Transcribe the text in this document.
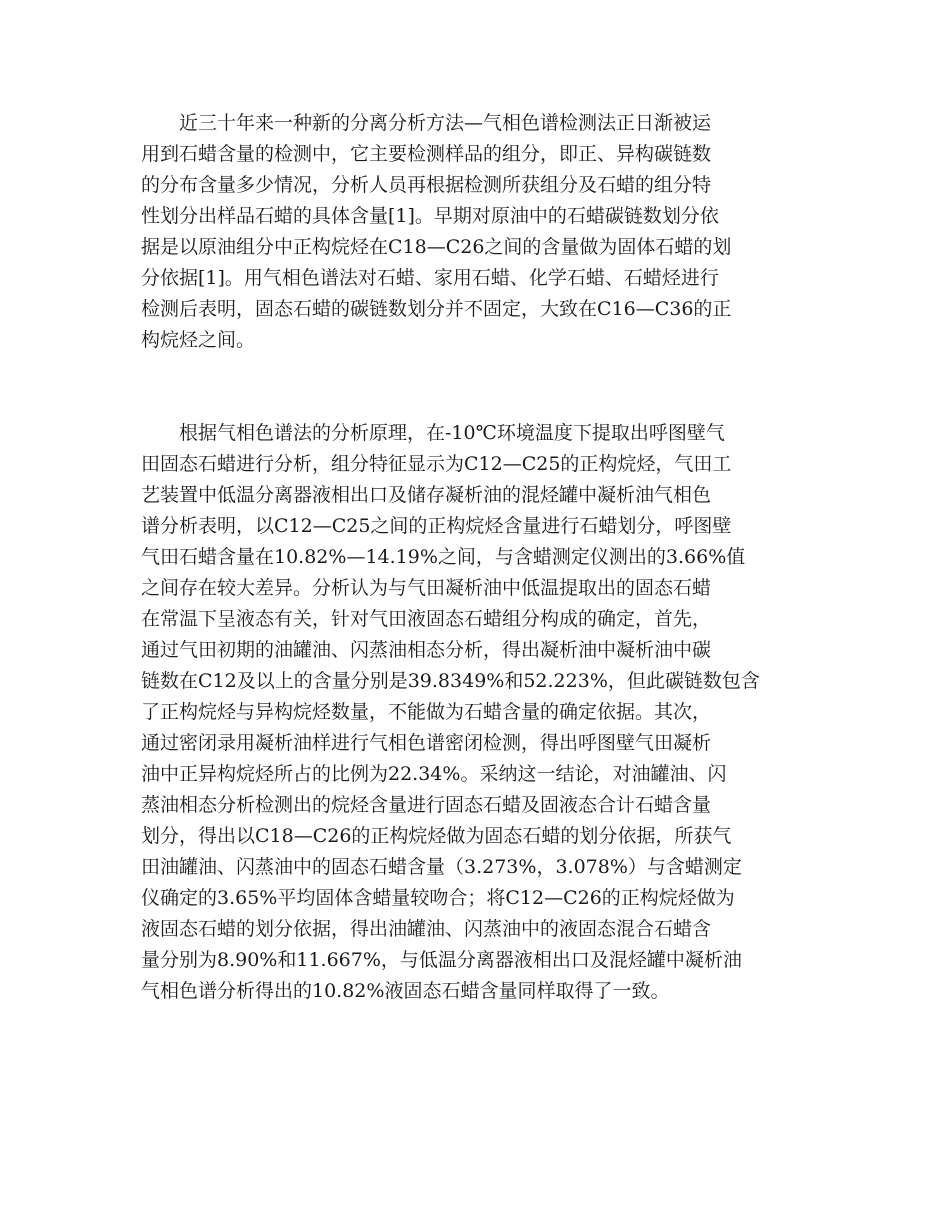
　　近三十年来一种新的分离分析方法—气相色谱检测法正日渐被运
用到石蜡含量的检测中，它主要检测样品的组分，即正、异构碳链数
的分布含量多少情况，分析人员再根据检测所获组分及石蜡的组分特
性划分出样品石蜡的具体含量[1]。早期对原油中的石蜡碳链数划分依
据是以原油组分中正构烷烃在C18—C26之间的含量做为固体石蜡的划
分依据[1]。用气相色谱法对石蜡、家用石蜡、化学石蜡、石蜡烃进行
检测后表明，固态石蜡的碳链数划分并不固定，大致在C16—C36的正
构烷烃之间。
　　根据气相色谱法的分析原理，在-10℃环境温度下提取出呼图壁气
田固态石蜡进行分析，组分特征显示为C12—C25的正构烷烃，气田工
艺装置中低温分离器液相出口及储存凝析油的混烃罐中凝析油气相色
谱分析表明，以C12—C25之间的正构烷烃含量进行石蜡划分，呼图壁
气田石蜡含量在10.82%—14.19%之间，与含蜡测定仪测出的3.66%值
之间存在较大差异。分析认为与气田凝析油中低温提取出的固态石蜡
在常温下呈液态有关，针对气田液固态石蜡组分构成的确定，首先，
通过气田初期的油罐油、闪蒸油相态分析，得出凝析油中凝析油中碳
链数在C12及以上的含量分别是39.8349%和52.223%，但此碳链数包含
了正构烷烃与异构烷烃数量，不能做为石蜡含量的确定依据。其次，
通过密闭录用凝析油样进行气相色谱密闭检测，得出呼图壁气田凝析
油中正异构烷烃所占的比例为22.34%。采纳这一结论，对油罐油、闪
蒸油相态分析检测出的烷烃含量进行固态石蜡及固液态合计石蜡含量
划分，得出以C18—C26的正构烷烃做为固态石蜡的划分依据，所获气
田油罐油、闪蒸油中的固态石蜡含量（3.273%，3.078%）与含蜡测定
仪确定的3.65%平均固体含蜡量较吻合；将C12—C26的正构烷烃做为
液固态石蜡的划分依据，得出油罐油、闪蒸油中的液固态混合石蜡含
量分别为8.90%和11.667%，与低温分离器液相出口及混烃罐中凝析油
气相色谱分析得出的10.82%液固态石蜡含量同样取得了一致。
